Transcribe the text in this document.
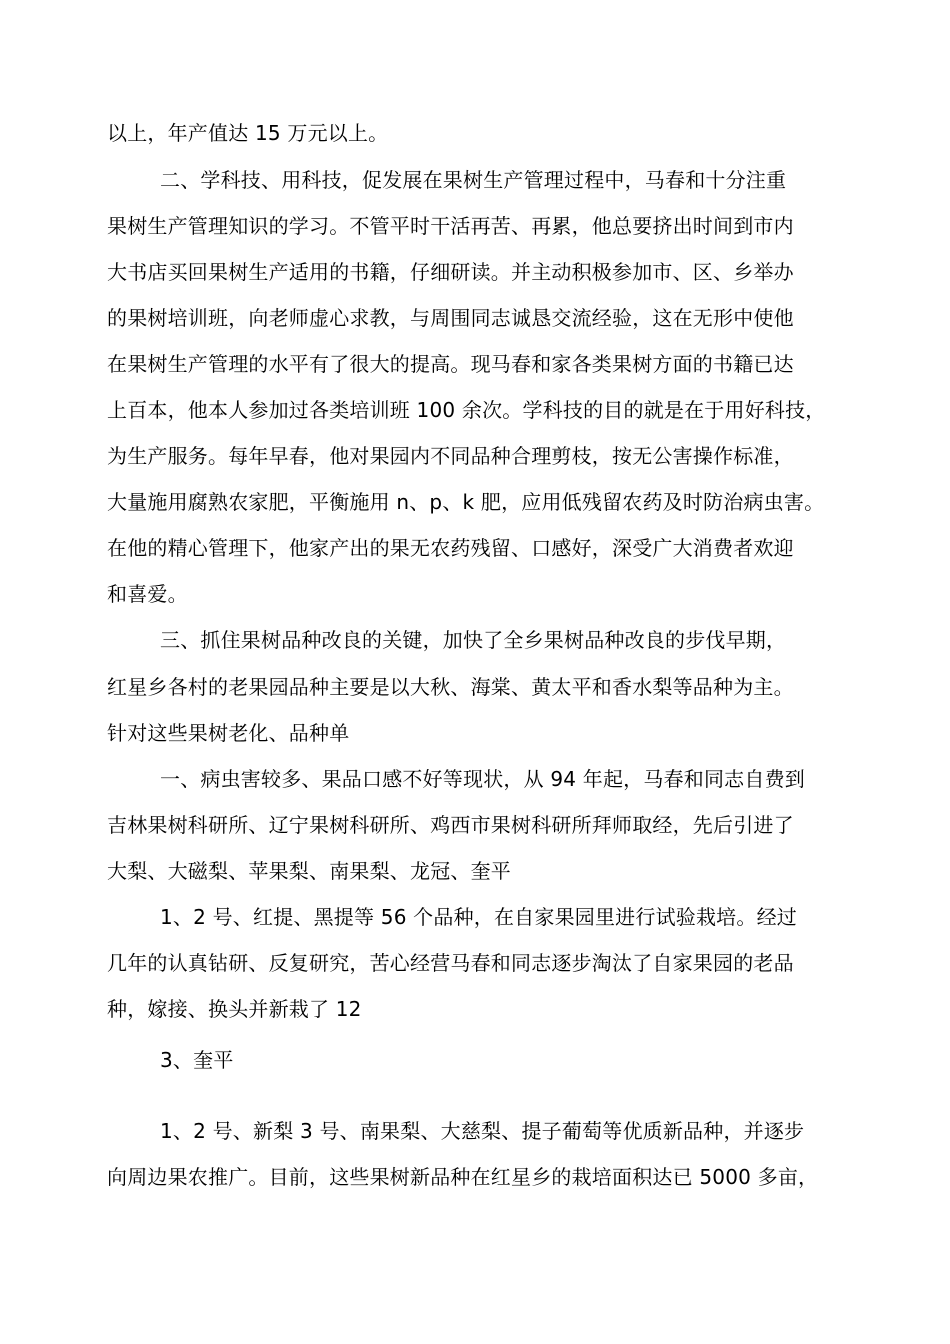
以上，年产值达 15 万元以上。
二、学科技、用科技，促发展在果树生产管理过程中，马春和十分注重
果树生产管理知识的学习。不管平时干活再苦、再累，他总要挤出时间到市内
大书店买回果树生产适用的书籍，仔细研读。并主动积极参加市、区、乡举办
的果树培训班，向老师虚心求教，与周围同志诚恳交流经验，这在无形中使他
在果树生产管理的水平有了很大的提高。现马春和家各类果树方面的书籍已达
上百本，他本人参加过各类培训班 100 余次。学科技的目的就是在于用好科技，
为生产服务。每年早春，他对果园内不同品种合理剪枝，按无公害操作标准，
大量施用腐熟农家肥，平衡施用 n、p、k 肥，应用低残留农药及时防治病虫害。
在他的精心管理下，他家产出的果无农药残留、口感好，深受广大消费者欢迎
和喜爱。
三、抓住果树品种改良的关键，加快了全乡果树品种改良的步伐早期，
红星乡各村的老果园品种主要是以大秋、海棠、黄太平和香水梨等品种为主。
针对这些果树老化、品种单
一、病虫害较多、果品口感不好等现状，从 94 年起，马春和同志自费到
吉林果树科研所、辽宁果树科研所、鸡西市果树科研所拜师取经，先后引进了
大梨、大磁梨、苹果梨、南果梨、龙冠、奎平
1、2 号、红提、黑提等 56 个品种，在自家果园里进行试验栽培。经过
几年的认真钻研、反复研究，苦心经营马春和同志逐步淘汰了自家果园的老品
种，嫁接、换头并新栽了 12
3、奎平
1、2 号、新梨 3 号、南果梨、大慈梨、提子葡萄等优质新品种，并逐步
向周边果农推广。目前，这些果树新品种在红星乡的栽培面积达已 5000 多亩，
